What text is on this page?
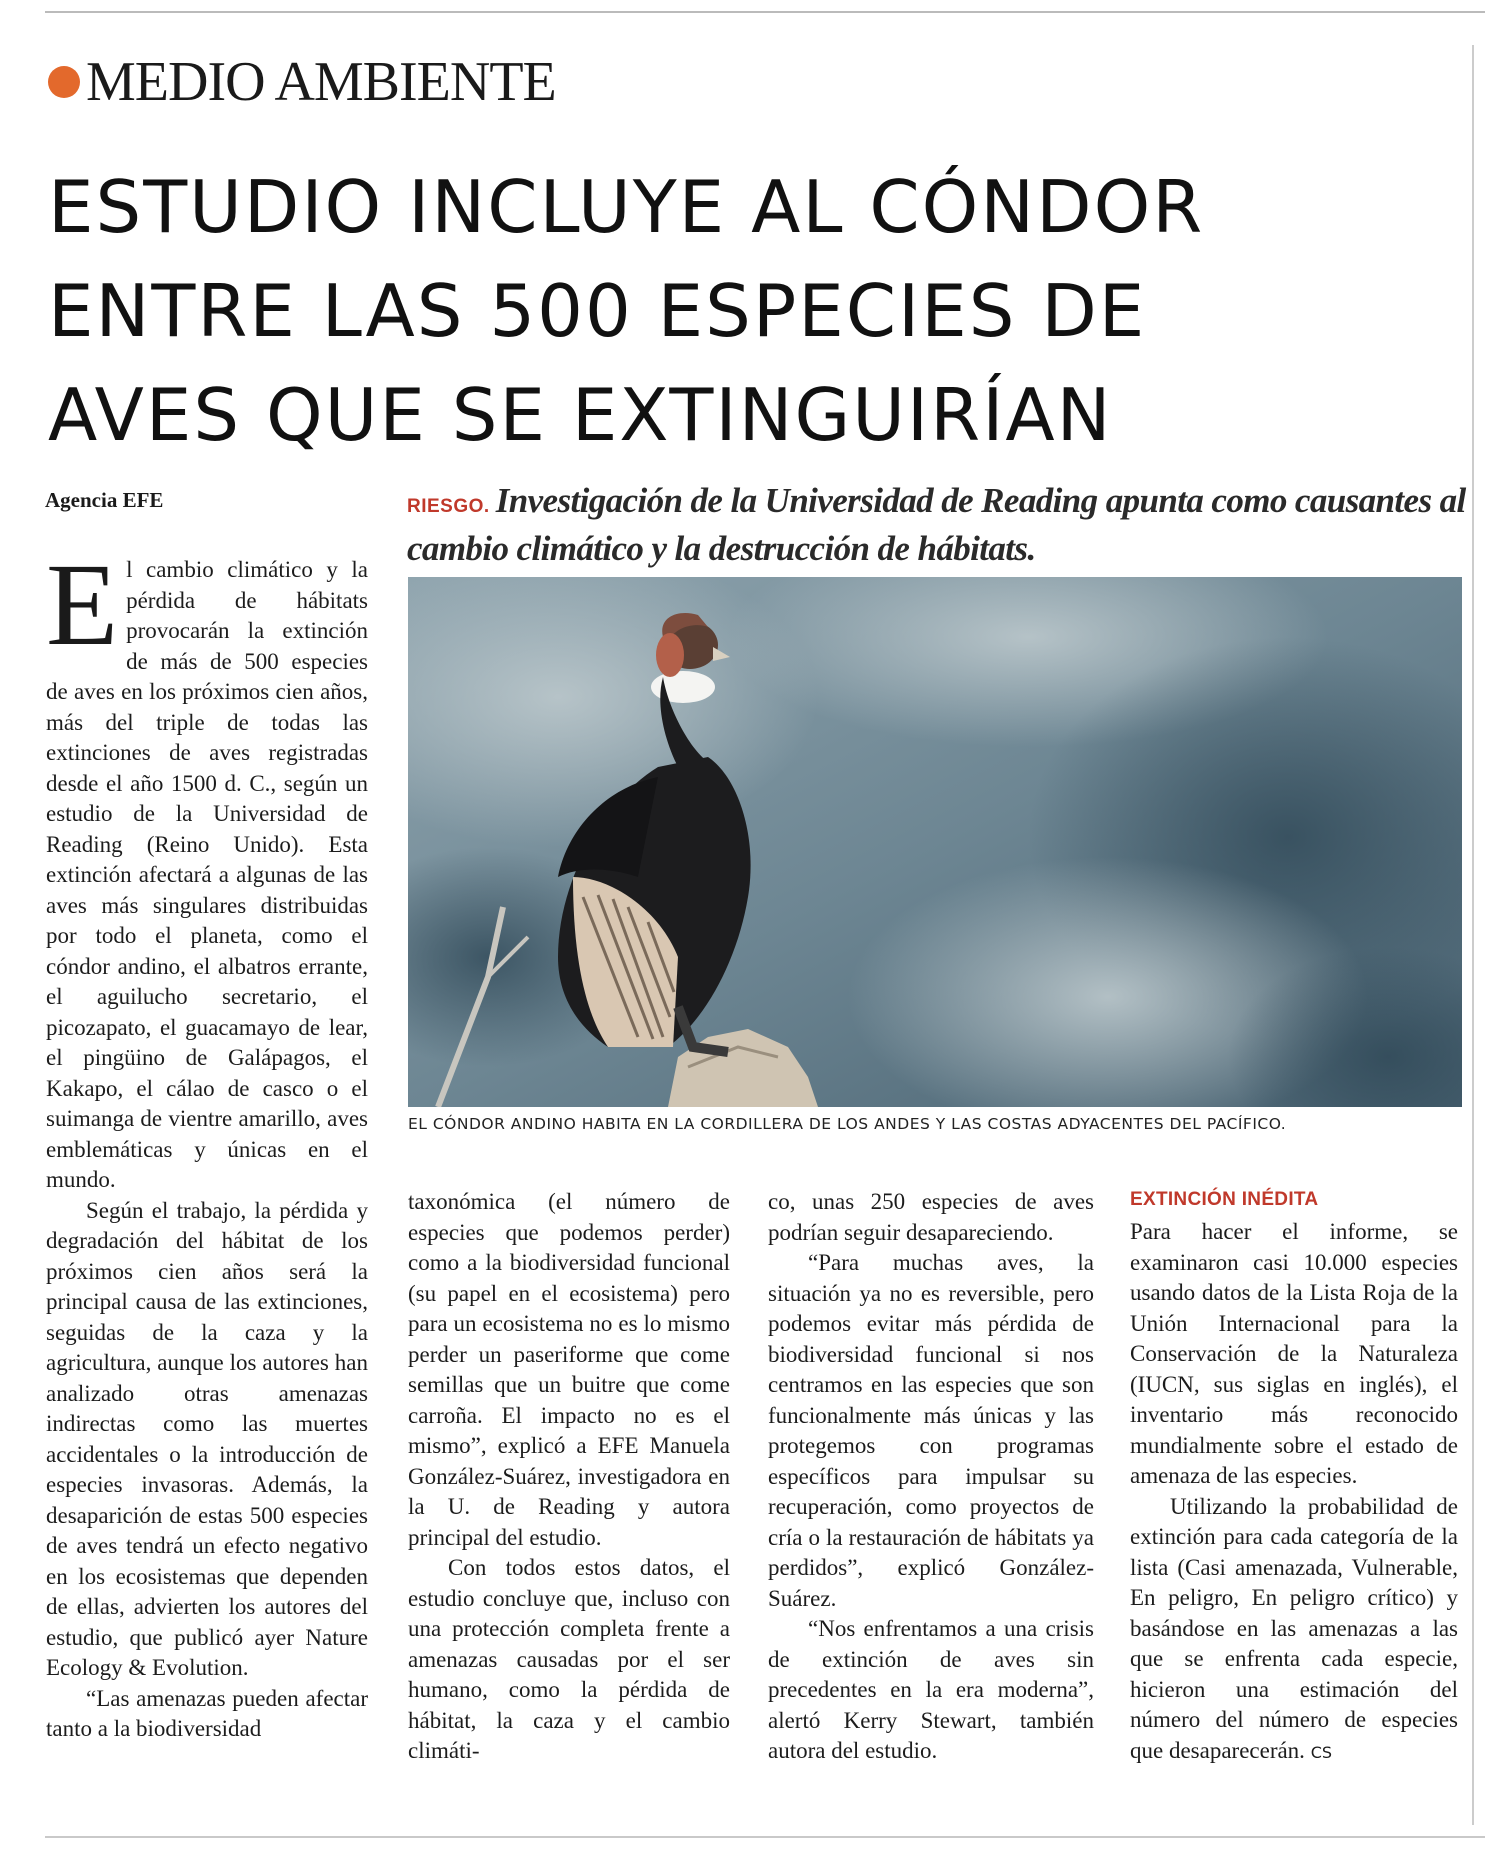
MEDIO AMBIENTE
ESTUDIO INCLUYE AL CÓNDOR
ENTRE LAS 500 ESPECIES DE
AVES QUE SE EXTINGUIRÍAN
Agencia EFE	RIESGO. Investigación de la Universidad de Reading apunta como causantes al cambio climático y la destrucción de hábitats.
EL CÓNDOR ANDINO HABITA EN LA CORDILLERA DE LOS ANDES Y LAS COSTAS ADYACENTES DEL PACÍFICO.

El cambio climático y la pérdida de hábitats provocarán la extinción de más de 500 especies de aves en los próximos cien años, más del triple de todas las extinciones de aves registradas desde el año 1500 d. C., según un estudio de la Universidad de Reading (Reino Unido). Esta extinción afectará a algunas de las aves más singulares distribuidas por todo el planeta, como el cóndor andino, el albatros errante, el aguilucho secretario, el picozapato, el guacamayo de lear, el pingüino de Galápagos, el Kakapo, el cálao de casco o el suimanga de vientre amarillo, aves emblemáticas y únicas en el mundo.

Según el trabajo, la pérdida y degradación del hábitat de los próximos cien años será la principal causa de las extinciones, seguidas de la caza y la agricultura, aunque los autores han analizado otras amenazas indirectas como las muertes accidentales o la introducción de especies invasoras. Además, la desaparición de estas 500 especies de aves tendrá un efecto negativo en los ecosistemas que dependen de ellas, advierten los autores del estudio, que publicó ayer Nature Ecology & Evolution.

“Las amenazas pueden afectar tanto a la biodiversidad

taxonómica (el número de especies que podemos perder) como a la biodiversidad funcional (su papel en el ecosistema) pero para un ecosistema no es lo mismo perder un paseriforme que come semillas que un buitre que come carroña. El impacto no es el mismo”, explicó a EFE Manuela González-Suárez, investigadora en la U. de Reading y autora principal del estudio.

Con todos estos datos, el estudio concluye que, incluso con una protección completa frente a amenazas causadas por el ser humano, como la pérdida de hábitat, la caza y el cambio climáti-

co, unas 250 especies de aves podrían seguir desapareciendo.

“Para muchas aves, la situación ya no es reversible, pero podemos evitar más pérdida de biodiversidad funcional si nos centramos en las especies que son funcionalmente más únicas y las protegemos con programas específicos para impulsar su recuperación, como proyectos de cría o la restauración de hábitats ya perdidos”, explicó González-Suárez.

“Nos enfrentamos a una crisis de extinción de aves sin precedentes en la era moderna”, alertó Kerry Stewart, también autora del estudio.

EXTINCIÓN INÉDITA

Para hacer el informe, se examinaron casi 10.000 especies usando datos de la Lista Roja de la Unión Internacional para la Conservación de la Naturaleza (IUCN, sus siglas en inglés), el inventario más reconocido mundialmente sobre el estado de amenaza de las especies.

Utilizando la probabilidad de extinción para cada categoría de la lista (Casi amenazada, Vulnerable, En peligro, En peligro crítico) y basándose en las amenazas a las que se enfrenta cada especie, hicieron una estimación del número del número de especies que desaparecerán. CS
